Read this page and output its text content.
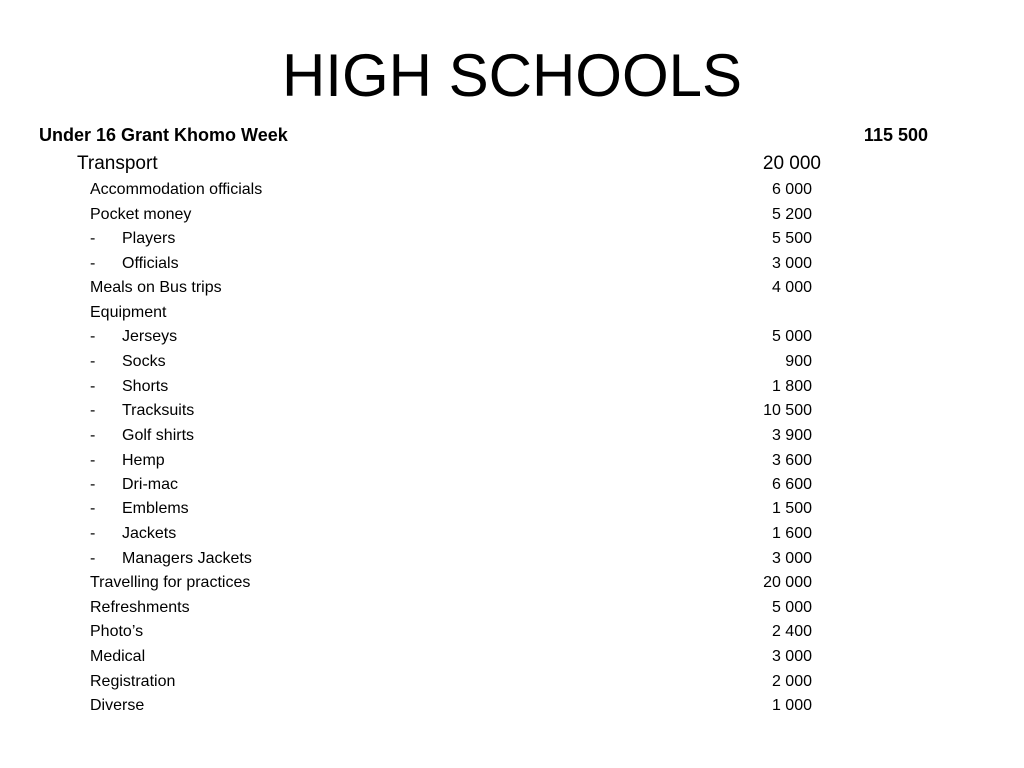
HIGH SCHOOLS
Under 16 Grant Khomo Week	115 500
Transport	20 000
Accommodation officials	6 000
Pocket money	5 200
- Players	5 500
- Officials	3 000
Meals on Bus trips	4 000
Equipment
- Jerseys	5 000
- Socks	900
- Shorts	1 800
- Tracksuits	10 500
- Golf shirts	3 900
- Hemp	3 600
- Dri-mac	6 600
- Emblems	1 500
- Jackets	1 600
- Managers Jackets	3 000
Travelling for practices	20 000
Refreshments	5 000
Photo’s	2 400
Medical	3 000
Registration	2 000
Diverse	1 000
